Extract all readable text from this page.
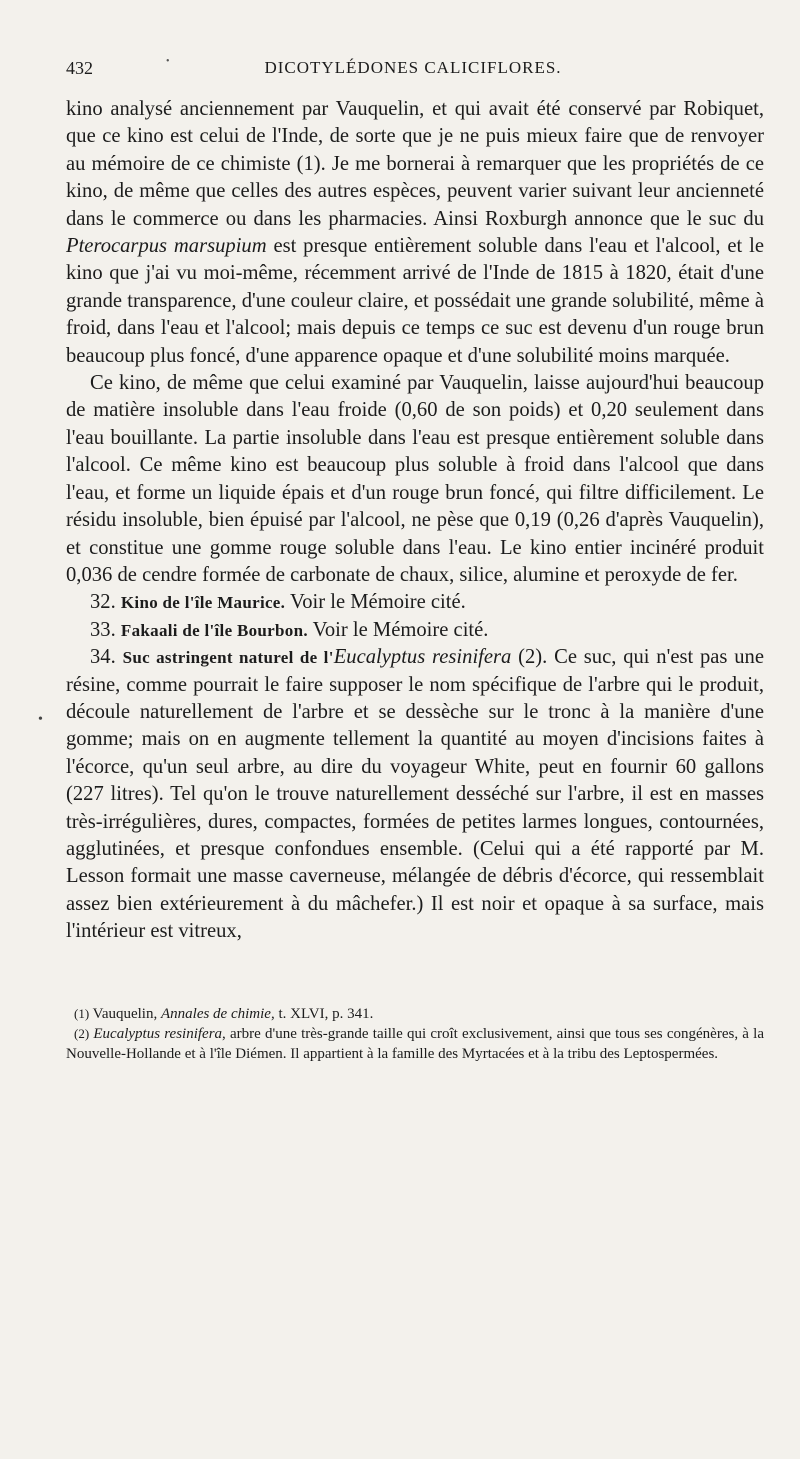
•
432	DICOTYLÉDONES CALICIFLORES.

kino analysé anciennement par Vauquelin, et qui avait été conservé par Robiquet, que ce kino est celui de l'Inde, de sorte que je ne puis mieux faire que de renvoyer au mémoire de ce chimiste (1). Je me bornerai à remarquer que les propriétés de ce kino, de même que celles des autres espèces, peuvent varier suivant leur ancienneté dans le commerce ou dans les pharmacies. Ainsi Roxburgh annonce que le suc du Pterocarpus marsupium est presque entièrement soluble dans l'eau et l'alcool, et le kino que j'ai vu moi-même, récemment arrivé de l'Inde de 1815 à 1820, était d'une grande transparence, d'une couleur claire, et possédait une grande solubilité, même à froid, dans l'eau et l'alcool; mais depuis ce temps ce suc est devenu d'un rouge brun beaucoup plus foncé, d'une apparence opaque et d'une solubilité moins marquée.

Ce kino, de même que celui examiné par Vauquelin, laisse aujourd'hui beaucoup de matière insoluble dans l'eau froide (0,60 de son poids) et 0,20 seulement dans l'eau bouillante. La partie insoluble dans l'eau est presque entièrement soluble dans l'alcool. Ce même kino est beaucoup plus soluble à froid dans l'alcool que dans l'eau, et forme un liquide épais et d'un rouge brun foncé, qui filtre difficilement. Le résidu insoluble, bien épuisé par l'alcool, ne pèse que 0,19 (0,26 d'après Vauquelin), et constitue une gomme rouge soluble dans l'eau. Le kino entier incinéré produit 0,036 de cendre formée de carbonate de chaux, silice, alumine et peroxyde de fer.

32. Kino de l'île Maurice. Voir le Mémoire cité.

33. Fakaali de l'île Bourbon. Voir le Mémoire cité.

34. Suc astringent naturel de l'Eucalyptus resinifera (2). Ce suc, qui n'est pas une résine, comme pourrait le faire supposer le nom spécifique de l'arbre qui le produit, découle naturellement de l'arbre et se dessèche sur le tronc à la manière d'une gomme; mais on en augmente tellement la quantité au moyen d'incisions faites à l'écorce, qu'un seul arbre, au dire du voyageur White, peut en fournir 60 gallons (227 litres). Tel qu'on le trouve naturellement desséché sur l'arbre, il est en masses très-irrégulières, dures, compactes, formées de petites larmes longues, contournées, agglutinées, et presque confondues ensemble. (Celui qui a été rapporté par M. Lesson formait une masse caverneuse, mélangée de débris d'écorce, qui ressemblait assez bien extérieurement à du mâchefer.) Il est noir et opaque à sa surface, mais l'intérieur est vitreux,

(1) Vauquelin, Annales de chimie, t. XLVI, p. 341.

(2) Eucalyptus resinifera, arbre d'une très-grande taille qui croît exclusivement, ainsi que tous ses congénères, à la Nouvelle-Hollande et à l'île Diémen. Il appartient à la famille des Myrtacées et à la tribu des Leptospermées.

•
